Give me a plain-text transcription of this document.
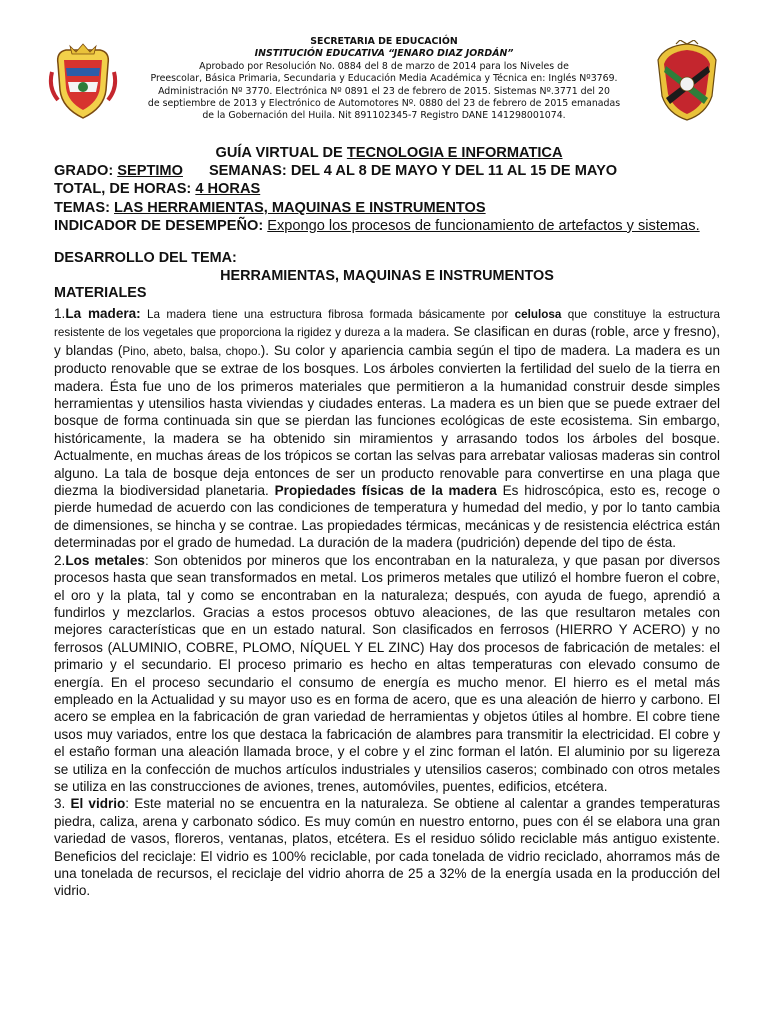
SECRETARIA DE EDUCACIÓN
INSTITUCIÓN EDUCATIVA “JENARO DIAZ JORDÁN”
Aprobado por Resolución No. 0884 del 8 de marzo de 2014 para los Niveles de
Preescolar, Básica Primaria, Secundaria y Educación Media Académica y Técnica en: Inglés Nº3769.
Administración Nº 3770. Electrónica Nº 0891 el 23 de febrero de 2015. Sistemas Nº.3771 del 20
de septiembre de 2013 y Electrónico de Automotores Nº. 0880 del 23 de febrero de 2015 emanadas
de la Gobernación del Huila. Nit 891102345-7 Registro DANE 141298001074.
GUÍA VIRTUAL DE TECNOLOGIA E INFORMATICA
GRADO: SEPTIMO SEMANAS: DEL 4 AL 8 DE MAYO Y DEL 11 AL 15 DE MAYO
TOTAL, DE HORAS: 4 HORAS
TEMAS: LAS HERRAMIENTAS, MAQUINAS E INSTRUMENTOS
INDICADOR DE DESEMPEÑO: Expongo los procesos de funcionamiento de artefactos y sistemas.
DESARROLLO DEL TEMA:
HERRAMIENTAS, MAQUINAS E INSTRUMENTOS
MATERIALES

1.La madera: La madera tiene una estructura fibrosa formada básicamente por celulosa que constituye la estructura resistente de los vegetales que proporciona la rigidez y dureza a la madera. Se clasifican en duras (roble, arce y fresno), y blandas (Pino, abeto, balsa, chopo.). Su color y apariencia cambia según el tipo de madera. La madera es un producto renovable que se extrae de los bosques. Los árboles convierten la fertilidad del suelo de la tierra en madera. Ésta fue uno de los primeros materiales que permitieron a la humanidad construir desde simples herramientas y utensilios hasta viviendas y ciudades enteras. La madera es un bien que se puede extraer del bosque de forma continuada sin que se pierdan las funciones ecológicas de este ecosistema. Sin embargo, históricamente, la madera se ha obtenido sin miramientos y arrasando todos los árboles del bosque. Actualmente, en muchas áreas de los trópicos se cortan las selvas para arrebatar valiosas maderas sin control alguno. La tala de bosque deja entonces de ser un producto renovable para convertirse en una plaga que diezma la biodiversidad planetaria. Propiedades físicas de la madera Es hidroscópica, esto es, recoge o pierde humedad de acuerdo con las condiciones de temperatura y humedad del medio, y por lo tanto cambia de dimensiones, se hincha y se contrae. Las propiedades térmicas, mecánicas y de resistencia eléctrica están determinadas por el grado de humedad. La duración de la madera (pudrición) depende del tipo de ésta.

2.Los metales: Son obtenidos por mineros que los encontraban en la naturaleza, y que pasan por diversos procesos hasta que sean transformados en metal. Los primeros metales que utilizó el hombre fueron el cobre, el oro y la plata, tal y como se encontraban en la naturaleza; después, con ayuda de fuego, aprendió a fundirlos y mezclarlos. Gracias a estos procesos obtuvo aleaciones, de las que resultaron metales con mejores características que en un estado natural. Son clasificados en ferrosos (HIERRO Y ACERO) y no ferrosos (ALUMINIO, COBRE, PLOMO, NÍQUEL Y EL ZINC) Hay dos procesos de fabricación de metales: el primario y el secundario. El proceso primario es hecho en altas temperaturas con elevado consumo de energía. En el proceso secundario el consumo de energía es mucho menor. El hierro es el metal más empleado en la Actualidad y su mayor uso es en forma de acero, que es una aleación de hierro y carbono. El acero se emplea en la fabricación de gran variedad de herramientas y objetos útiles al hombre. El cobre tiene usos muy variados, entre los que destaca la fabricación de alambres para transmitir la electricidad. El cobre y el estaño forman una aleación llamada broce, y el cobre y el zinc forman el latón. El aluminio por su ligereza se utiliza en la confección de muchos artículos industriales y utensilios caseros; combinado con otros metales se utiliza en las construcciones de aviones, trenes, automóviles, puentes, edificios, etcétera.

3. El vidrio: Este material no se encuentra en la naturaleza. Se obtiene al calentar a grandes temperaturas piedra, caliza, arena y carbonato sódico. Es muy común en nuestro entorno, pues con él se elabora una gran variedad de vasos, floreros, ventanas, platos, etcétera. Es el residuo sólido reciclable más antiguo existente. Beneficios del reciclaje: El vidrio es 100% reciclable, por cada tonelada de vidrio reciclado, ahorramos más de una tonelada de recursos, el reciclaje del vidrio ahorra de 25 a 32% de la energía usada en la producción del vidrio.
